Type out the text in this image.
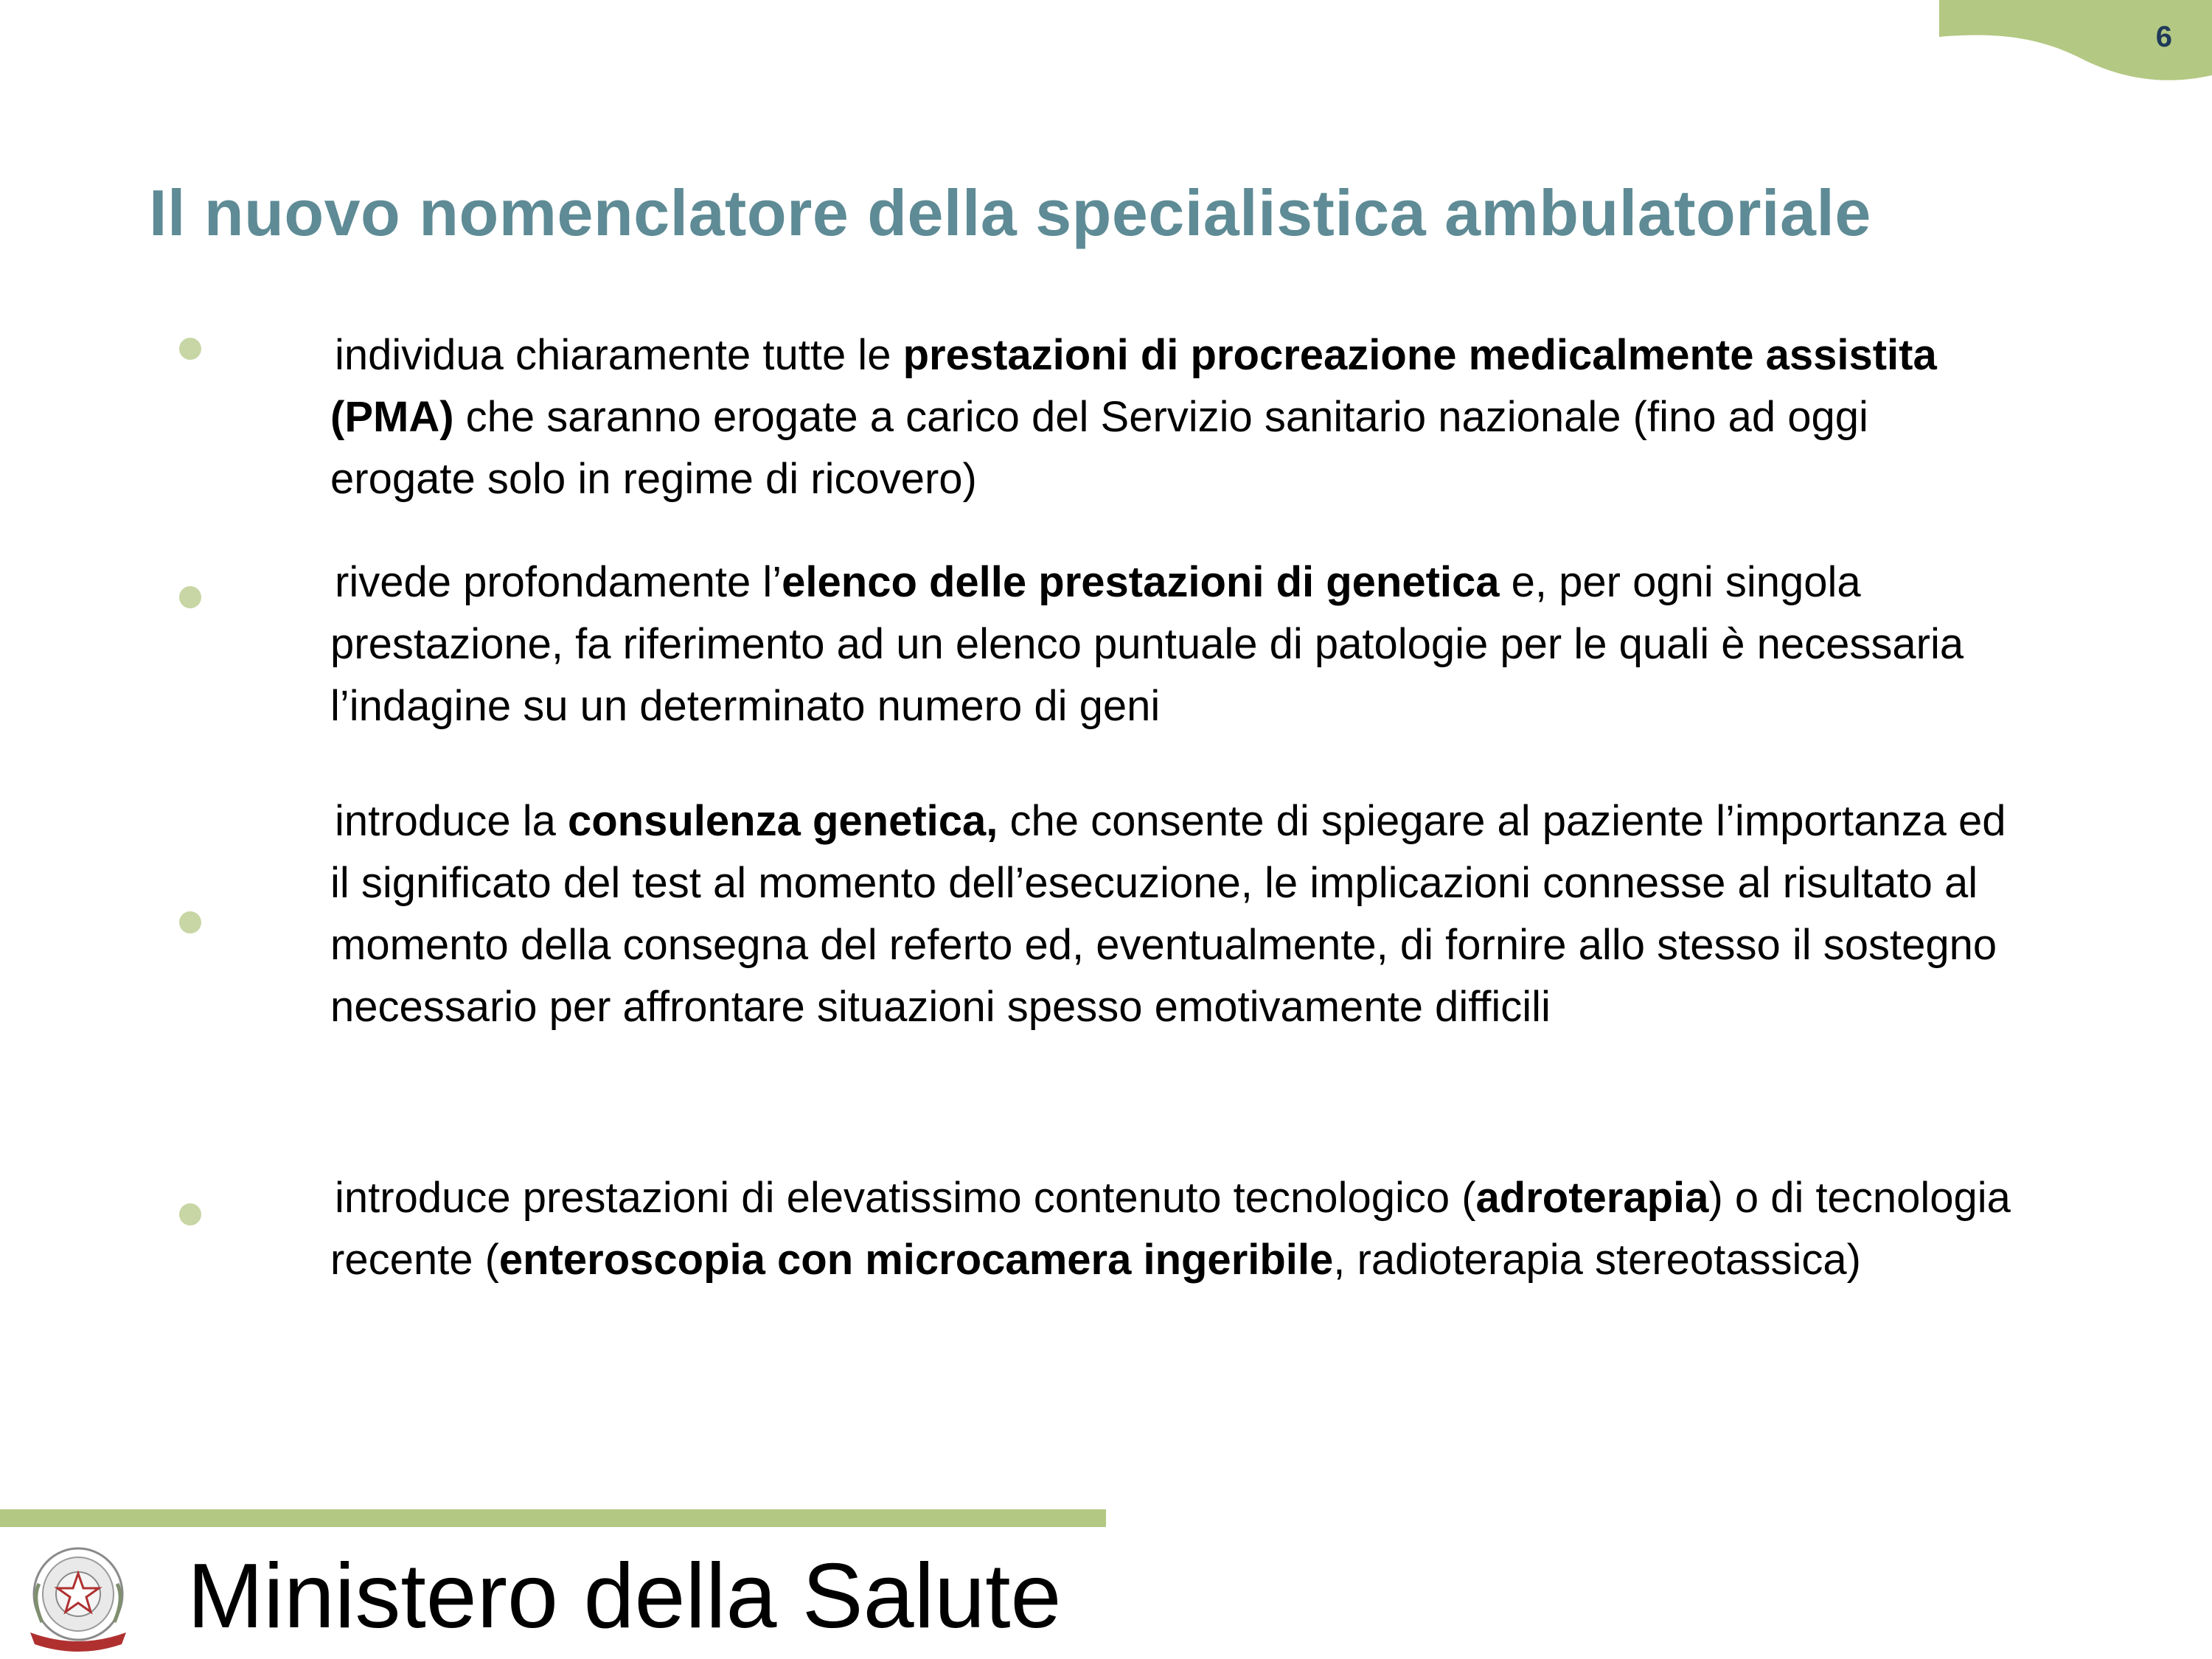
6
Il nuovo nomenclatore della specialistica ambulatoriale

individua chiaramente tutte le prestazioni di procreazione medicalmente assistita (PMA) che saranno erogate a carico del Servizio sanitario nazionale (fino ad oggi erogate solo in regime di ricovero)

rivede profondamente l’elenco delle prestazioni di genetica e, per ogni singola prestazione, fa riferimento ad un elenco puntuale di patologie per le quali è necessaria l’indagine su un determinato numero di geni

introduce la consulenza genetica, che consente di spiegare al paziente l’importanza ed il significato del test al momento dell’esecuzione, le implicazioni connesse al risultato al momento della consegna del referto ed, eventualmente, di fornire allo stesso il sostegno necessario per affrontare situazioni spesso emotivamente difficili

introduce prestazioni di elevatissimo contenuto tecnologico (adroterapia) o di tecnologia recente (enteroscopia con microcamera ingeribile, radioterapia stereotassica)

Ministero della Salute
